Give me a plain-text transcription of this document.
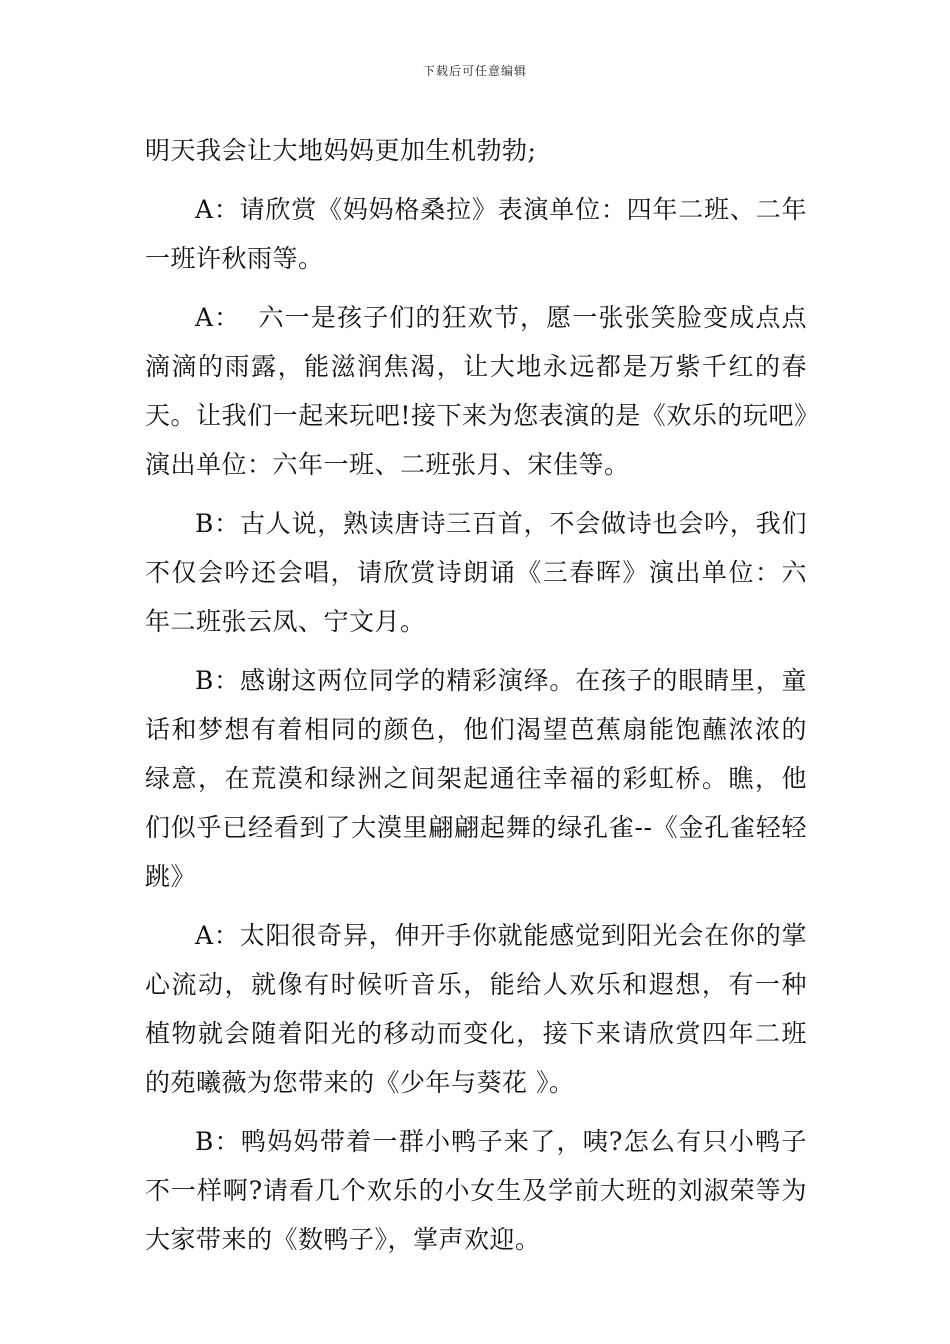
下载后可任意编辑

明天我会让大地妈妈更加生机勃勃;

A：请欣赏《妈妈格桑拉》表演单位：四年二班、二年一班许秋雨等。

A：  六一是孩子们的狂欢节，愿一张张笑脸变成点点滴滴的雨露，能滋润焦渴，让大地永远都是万紫千红的春天。让我们一起来玩吧!接下来为您表演的是《欢乐的玩吧》演出单位：六年一班、二班张月、宋佳等。

B：古人说，熟读唐诗三百首，不会做诗也会吟，我们不仅会吟还会唱，请欣赏诗朗诵《三春晖》演出单位：六年二班张云凤、宁文月。

B：感谢这两位同学的精彩演绎。在孩子的眼睛里，童话和梦想有着相同的颜色，他们渴望芭蕉扇能饱蘸浓浓的绿意，在荒漠和绿洲之间架起通往幸福的彩虹桥。瞧，他们似乎已经看到了大漠里翩翩起舞的绿孔雀--《金孔雀轻轻跳》

A：太阳很奇异，伸开手你就能感觉到阳光会在你的掌心流动，就像有时候听音乐，能给人欢乐和遐想，有一种植物就会随着阳光的移动而变化，接下来请欣赏四年二班的苑曦薇为您带来的《少年与葵花 》。

B：鸭妈妈带着一群小鸭子来了，咦?怎么有只小鸭子不一样啊?请看几个欢乐的小女生及学前大班的刘淑荣等为大家带来的《数鸭子》，掌声欢迎。
